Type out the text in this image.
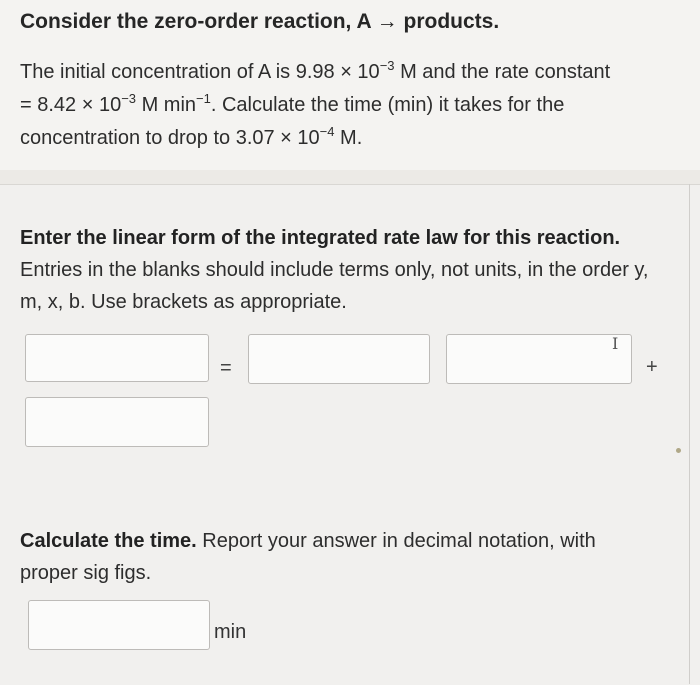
Consider the zero-order reaction, A → products.
The initial concentration of A is $9.98 \times 10^{-3}$ M and the rate constant
= $8.42 \times 10^{-3}$ M $\min^{-1}$. Calculate the time (min) it takes for the
concentration to drop to $3.07 \times 10^{-4}$ M.
Enter the linear form of the integrated rate law for this reaction. Entries in the blanks should include terms only, not units, in the order y, m, x, b. Use brackets as appropriate.
=
I
+
Calculate the time. Report your answer in decimal notation, with proper sig figs.
min
